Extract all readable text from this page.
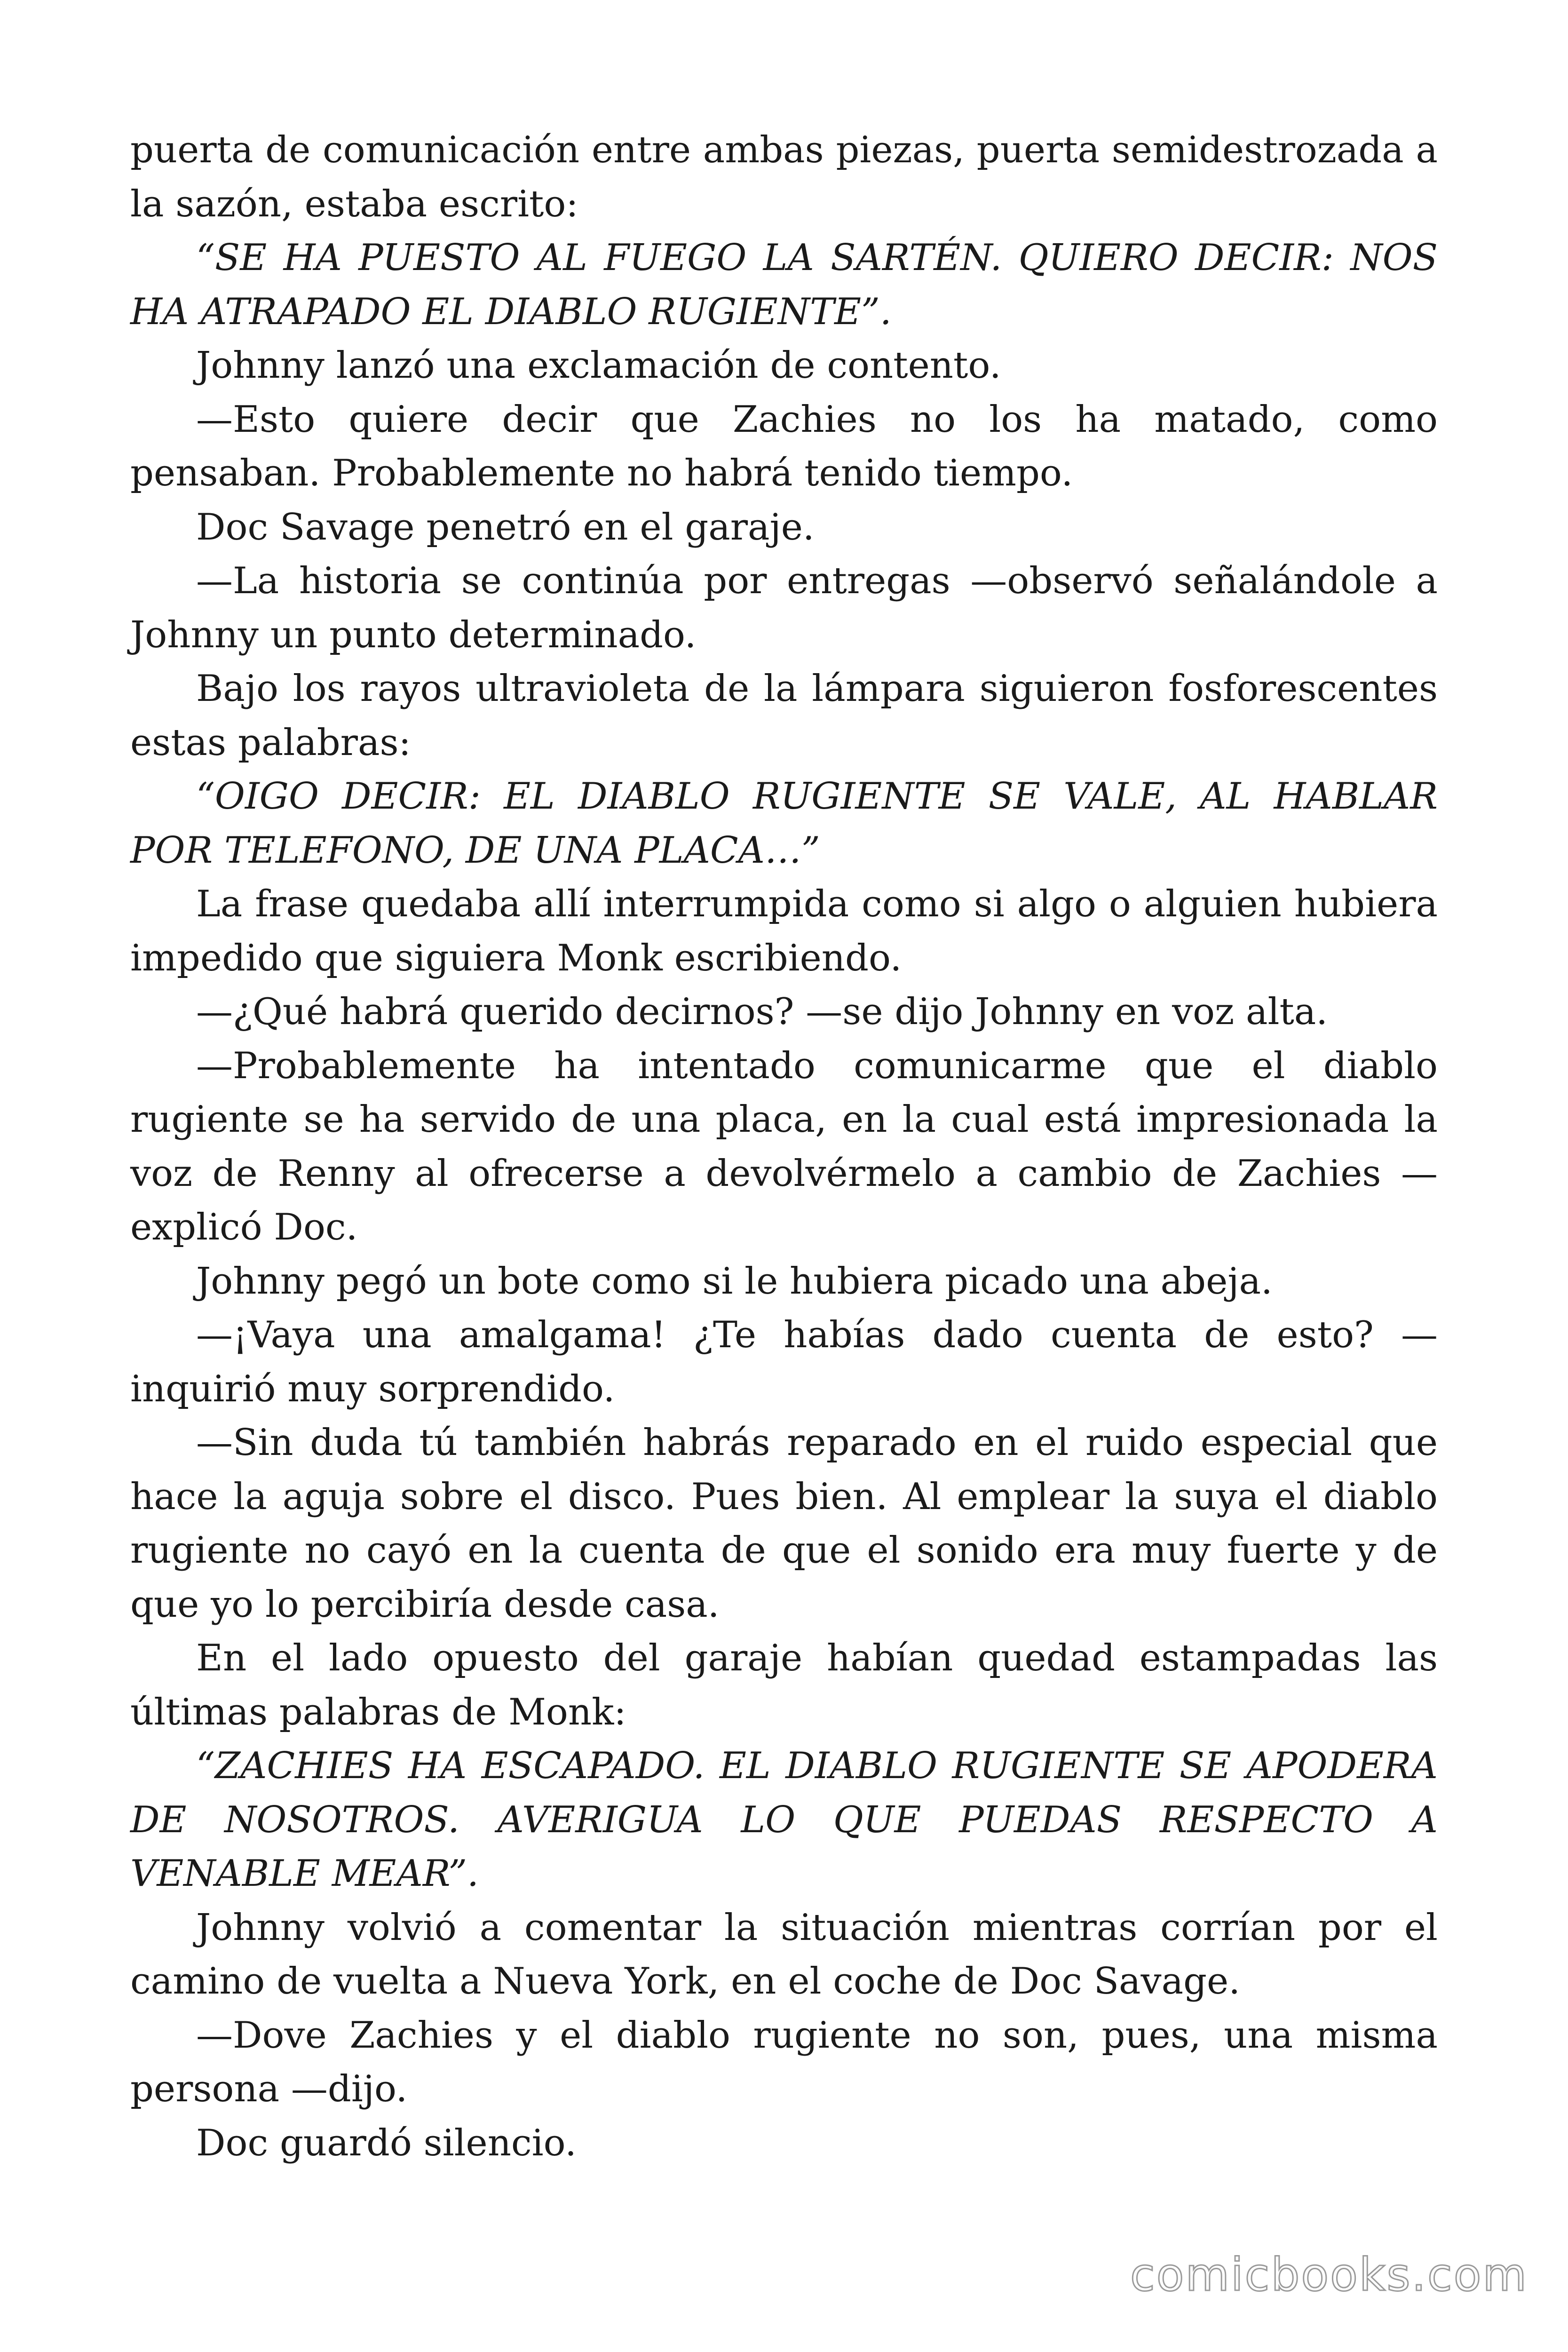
puerta de comunicación entre ambas piezas, puerta semidestrozada a la sazón, estaba escrito:

“SE HA PUESTO AL FUEGO LA SARTÉN. QUIERO DECIR: NOS HA ATRAPADO EL DIABLO RUGIENTE”.

Johnny lanzó una exclamación de contento.

—Esto quiere decir que Zachies no los ha matado, como pensaban. Probablemente no habrá tenido tiempo.

Doc Savage penetró en el garaje.

—La historia se continúa por entregas —observó señalándole a Johnny un punto determinado.

Bajo los rayos ultravioleta de la lámpara siguieron fosforescentes estas palabras:

“OIGO DECIR: EL DIABLO RUGIENTE SE VALE, AL HABLAR POR TELEFONO, DE UNA PLACA…”

La frase quedaba allí interrumpida como si algo o alguien hubiera impedido que siguiera Monk escribiendo.

—¿Qué habrá querido decirnos? —se dijo Johnny en voz alta.

—Probablemente ha intentado comunicarme que el diablo rugiente se ha servido de una placa, en la cual está impresionada la voz de Renny al ofrecerse a devolvérmelo a cambio de Zachies —explicó Doc.

Johnny pegó un bote como si le hubiera picado una abeja.

—¡Vaya una amalgama! ¿Te habías dado cuenta de esto? —inquirió muy sorprendido.

—Sin duda tú también habrás reparado en el ruido especial que hace la aguja sobre el disco. Pues bien. Al emplear la suya el diablo rugiente no cayó en la cuenta de que el sonido era muy fuerte y de que yo lo percibiría desde casa.

En el lado opuesto del garaje habían quedad estampadas las últimas palabras de Monk:

“ZACHIES HA ESCAPADO. EL DIABLO RUGIENTE SE APODERA DE NOSOTROS. AVERIGUA LO QUE PUEDAS RESPECTO A VENABLE MEAR”.

Johnny volvió a comentar la situación mientras corrían por el camino de vuelta a Nueva York, en el coche de Doc Savage.

—Dove Zachies y el diablo rugiente no son, pues, una misma persona —dijo.

Doc guardó silencio.

comicbooks.com
